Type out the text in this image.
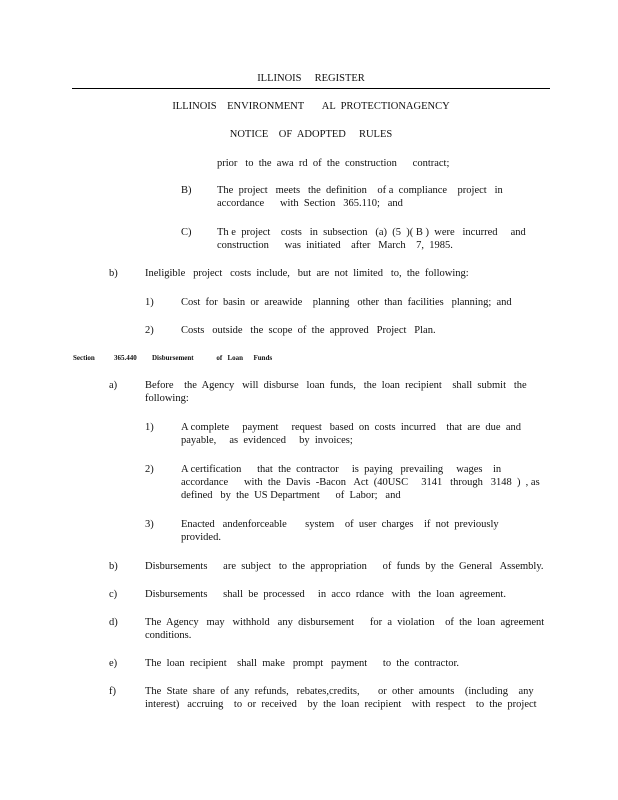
ILLINOIS     REGISTER

ILLINOIS    ENVIRONMENT       AL  PROTECTIONAGENCY

NOTICE    OF  ADOPTED     RULES

prior   to  the  awa  rd  of  the  construction      contract;

B) The  project   meets   the  definition    of a  compliance    project   in
accordance      with  Section   365.110;   and

C) Th e  project    costs   in  subsection   (a)  (5  )( B )  were   incurred     and
construction      was  initiated    after   March    7,  1985.

b)	Ineligible   project   costs  include,   but  are  not  limited   to,  the  following:

1)	Cost  for  basin  or  areawide    planning   other  than  facilities   planning;  and

2)	Costs   outside   the  scope  of  the  approved   Project   Plan.

Section	365.440 Disbursement             of   Loan      Funds

a)	Before    the  Agency   will  disburse   loan  funds,   the  loan  recipient    shall  submit   the
following:

1)	A complete     payment     request   based  on  costs  incurred    that  are  due  and
payable,     as  evidenced     by  invoices;

2)	A certification      that  the  contractor     is  paying   prevailing     wages    in
accordance      with  the  Davis  -Bacon   Act  (40USC     3141   through   3148  )  , as
defined   by  the  US Department      of  Labor;   and

3)	Enacted   andenforceable       system    of  user  charges    if  not  previously
provided.

b)	Disbursements      are  subject   to  the  appropriation      of  funds  by  the  General   Assembly.

c)	Disbursements      shall  be  processed     in  acco  rdance   with   the  loan  agreement.

d)	The  Agency   may   withhold   any  disbursement      for  a  violation    of  the  loan  agreement
conditions.

e)	The  loan  recipient    shall  make   prompt   payment      to  the  contractor.

f)	The  State  share  of  any  refunds,   rebates,credits,       or  other  amounts    (including    any
interest)   accruing    to  or  received    by  the  loan  recipient    with  respect    to  the  project
